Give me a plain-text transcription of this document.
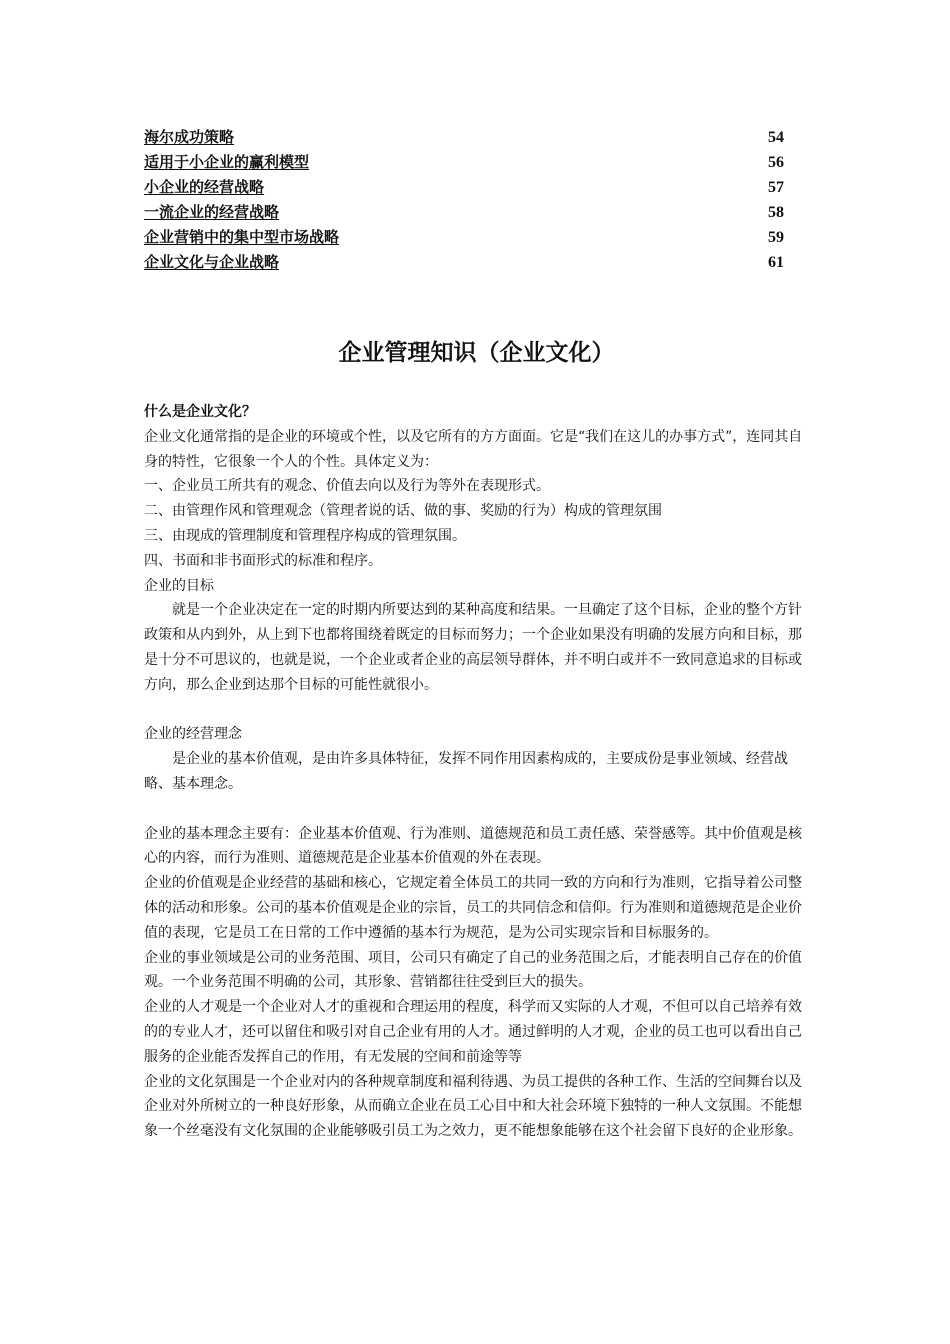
海尔成功策略	54
适用于小企业的赢利模型	56
小企业的经营战略	57
一流企业的经营战略	58
企业营销中的集中型市场战略	59
企业文化与企业战略	61
企业管理知识（企业文化）

什么是企业文化？

企业文化通常指的是企业的环境或个性，以及它所有的方方面面。它是“我们在这儿的办事方式”，连同其自身的特性，它很象一个人的个性。具体定义为：

一、企业员工所共有的观念、价值去向以及行为等外在表现形式。

二、由管理作风和管理观念（管理者说的话、做的事、奖励的行为）构成的管理氛围

三、由现成的管理制度和管理程序构成的管理氛围。

四、书面和非书面形式的标准和程序。

企业的目标

就是一个企业决定在一定的时期内所要达到的某种高度和结果。一旦确定了这个目标，企业的整个方针政策和从内到外，从上到下也都将围绕着既定的目标而努力；一个企业如果没有明确的发展方向和目标，那是十分不可思议的，也就是说，一个企业或者企业的高层领导群体，并不明白或并不一致同意追求的目标或方向，那么企业到达那个目标的可能性就很小。

企业的经营理念

是企业的基本价值观，是由许多具体特征，发挥不同作用因素构成的，主要成份是事业领域、经营战略、基本理念。

企业的基本理念主要有：企业基本价值观、行为准则、道德规范和员工责任感、荣誉感等。其中价值观是核心的内容，而行为准则、道德规范是企业基本价值观的外在表现。

企业的价值观是企业经营的基础和核心，它规定着全体员工的共同一致的方向和行为准则，它指导着公司整体的活动和形象。公司的基本价值观是企业的宗旨，员工的共同信念和信仰。行为准则和道德规范是企业价值的表现，它是员工在日常的工作中遵循的基本行为规范，是为公司实现宗旨和目标服务的。

企业的事业领域是公司的业务范围、项目，公司只有确定了自己的业务范围之后，才能表明自己存在的价值观。一个业务范围不明确的公司，其形象、营销都往往受到巨大的损失。

企业的人才观是一个企业对人才的重视和合理运用的程度，科学而又实际的人才观，不但可以自己培养有效的的专业人才，还可以留住和吸引对自己企业有用的人才。通过鲜明的人才观，企业的员工也可以看出自己服务的企业能否发挥自己的作用，有无发展的空间和前途等等

企业的文化氛围是一个企业对内的各种规章制度和福利待遇、为员工提供的各种工作、生活的空间舞台以及企业对外所树立的一种良好形象，从而确立企业在员工心目中和大社会环境下独特的一种人文氛围。不能想象一个丝毫没有文化氛围的企业能够吸引员工为之效力，更不能想象能够在这个社会留下良好的企业形象。
